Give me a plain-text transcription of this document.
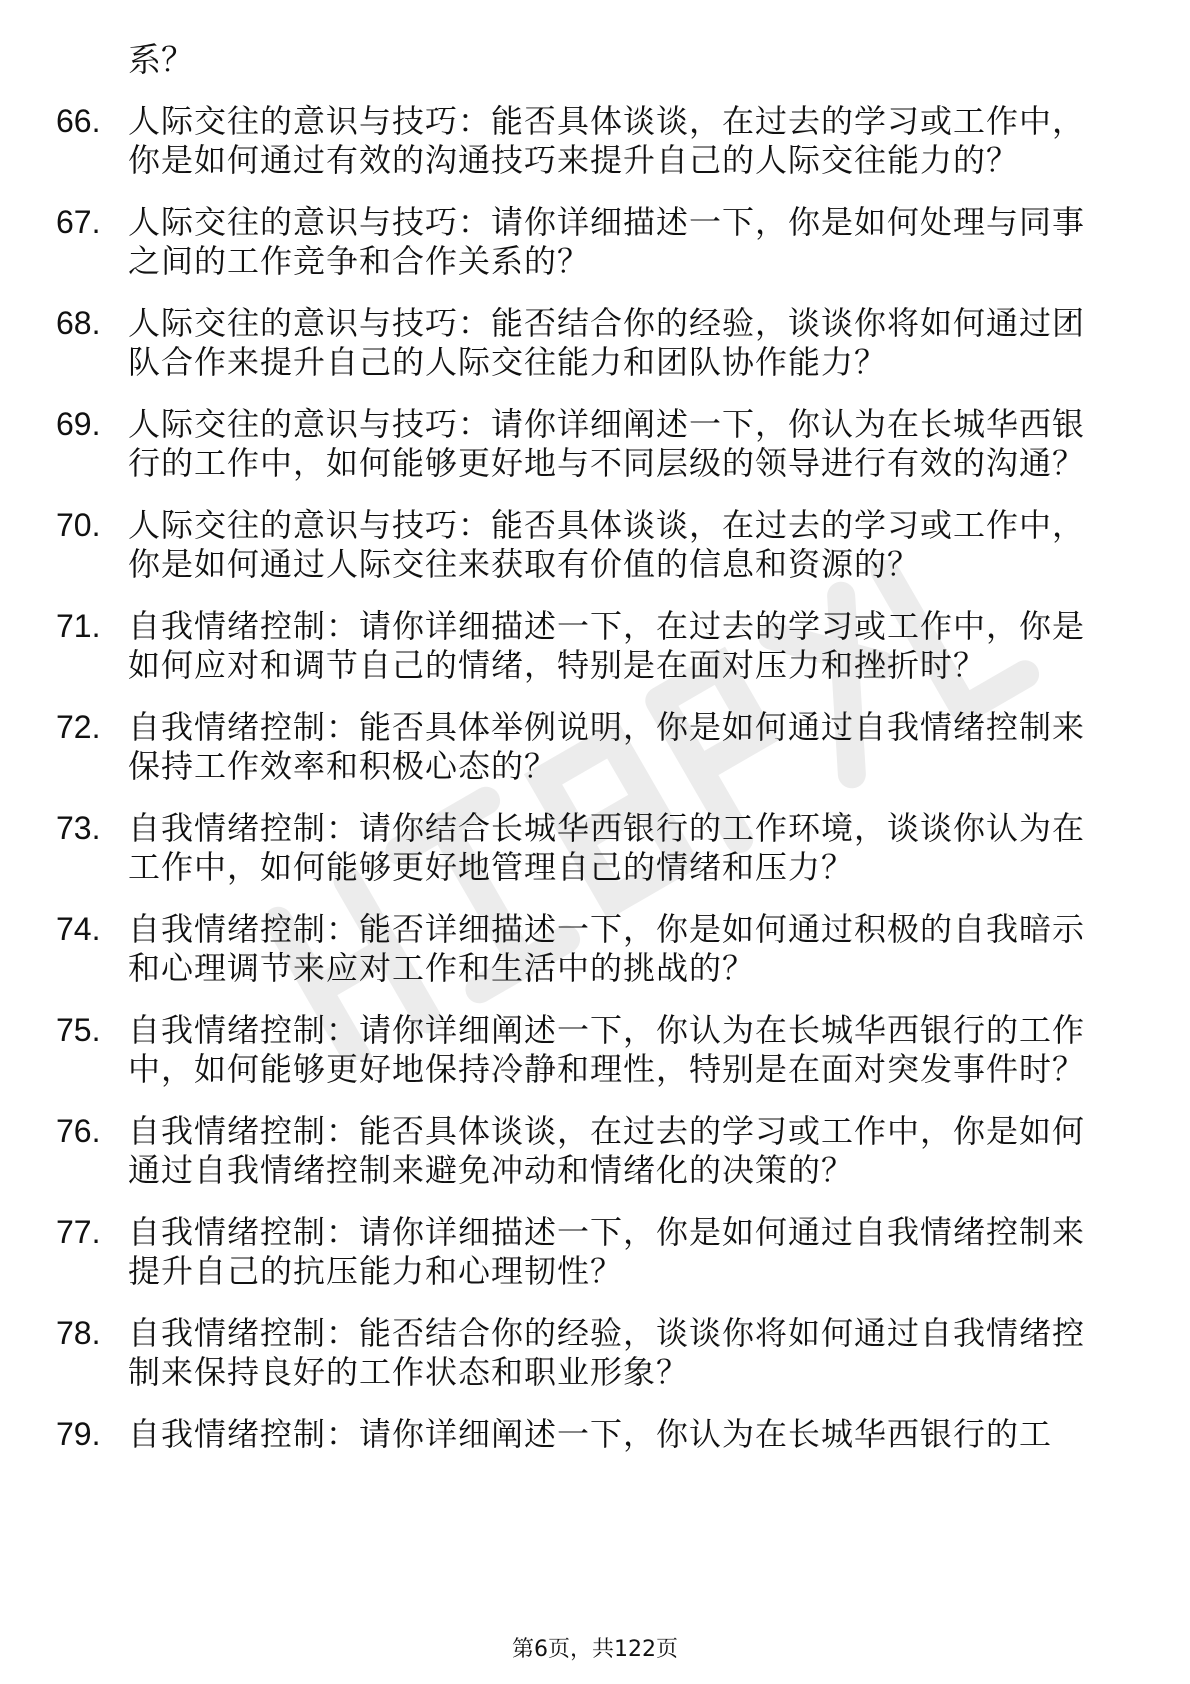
系？
66. 人际交往的意识与技巧：能否具体谈谈，在过去的学习或工作中，你是如何通过有效的沟通技巧来提升自己的人际交往能力的？
67. 人际交往的意识与技巧：请你详细描述一下，你是如何处理与同事之间的工作竞争和合作关系的？
68. 人际交往的意识与技巧：能否结合你的经验，谈谈你将如何通过团队合作来提升自己的人际交往能力和团队协作能力？
69. 人际交往的意识与技巧：请你详细阐述一下，你认为在长城华西银行的工作中，如何能够更好地与不同层级的领导进行有效的沟通？
70. 人际交往的意识与技巧：能否具体谈谈，在过去的学习或工作中，你是如何通过人际交往来获取有价值的信息和资源的？
71. 自我情绪控制：请你详细描述一下，在过去的学习或工作中，你是如何应对和调节自己的情绪，特别是在面对压力和挫折时？
72. 自我情绪控制：能否具体举例说明，你是如何通过自我情绪控制来保持工作效率和积极心态的？
73. 自我情绪控制：请你结合长城华西银行的工作环境，谈谈你认为在工作中，如何能够更好地管理自己的情绪和压力？
74. 自我情绪控制：能否详细描述一下，你是如何通过积极的自我暗示和心理调节来应对工作和生活中的挑战的？
75. 自我情绪控制：请你详细阐述一下，你认为在长城华西银行的工作中，如何能够更好地保持冷静和理性，特别是在面对突发事件时？
76. 自我情绪控制：能否具体谈谈，在过去的学习或工作中，你是如何通过自我情绪控制来避免冲动和情绪化的决策的？
77. 自我情绪控制：请你详细描述一下，你是如何通过自我情绪控制来提升自己的抗压能力和心理韧性？
78. 自我情绪控制：能否结合你的经验，谈谈你将如何通过自我情绪控制来保持良好的工作状态和职业形象？
79. 自我情绪控制：请你详细阐述一下，你认为在长城华西银行的工
第6页，共122页
